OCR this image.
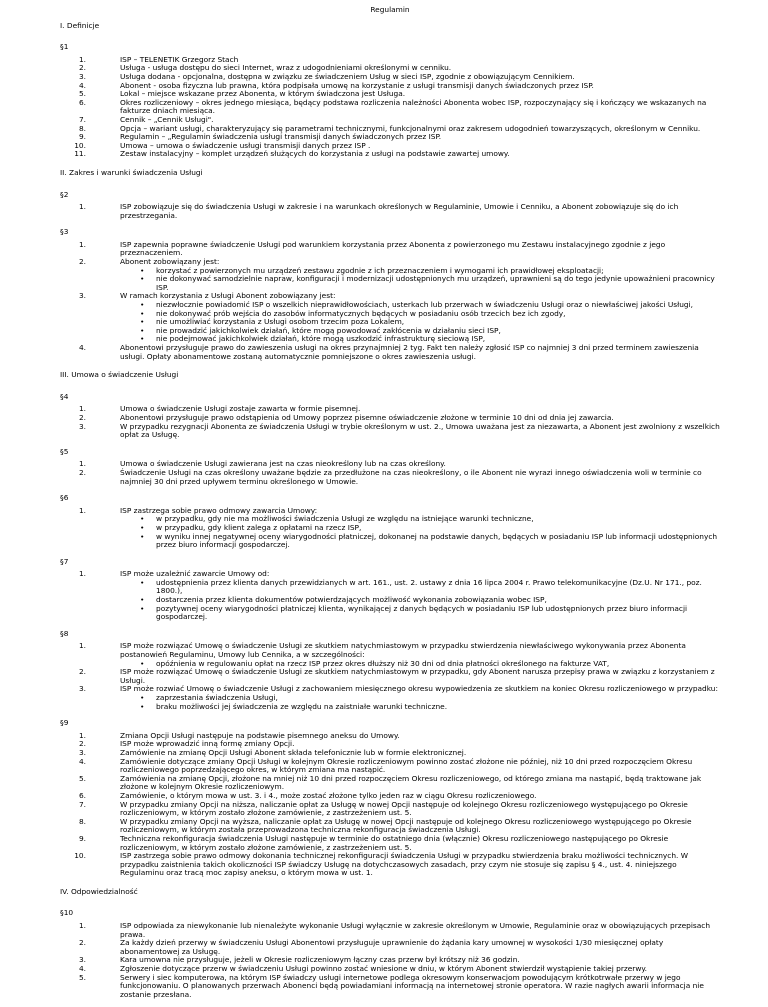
Regulamin
I. Definicje
§1
1.	ISP – TELENETIK Grzegorz Stach
2.	Usługa - usługa dostępu do sieci Internet, wraz z udogodnieniami określonymi w cenniku.
3.	Usługa dodana - opcjonalna, dostępna w związku ze świadczeniem Usług w sieci ISP, zgodnie z obowiązującym Cennikiem.
4.	Abonent - osoba fizyczna lub prawna, która podpisała umowę na korzystanie z usługi transmisji danych świadczonych przez ISP.
5.	Lokal – miejsce wskazane przez Abonenta, w którym świadczona jest Usługa.
6.	Okres rozliczeniowy – okres jednego miesiąca, będący podstawa rozliczenia należności Abonenta wobec ISP, rozpoczynający się i kończący we wskazanych na fakturze dniach miesiąca.
7.	Cennik – „Cennik Usługi".
8.	Opcja – wariant usługi, charakteryzujący się parametrami technicznymi, funkcjonalnymi oraz zakresem udogodnień towarzyszących, określonym w Cenniku.
9.	Regulamin – „Regulamin świadczenia usługi transmisji danych świadczonych przez ISP.
10.	Umowa – umowa o świadczenie usługi transmisji danych przez ISP .
11.	Zestaw instalacyjny – komplet urządzeń służących do korzystania z usługi na podstawie zawartej umowy.
II. Zakres i warunki świadczenia Usługi
§2
1.	ISP zobowiązuje się do świadczenia Usługi w zakresie i na warunkach określonych w Regulaminie, Umowie i Cenniku, a Abonent zobowiązuje się do ich przestrzegania.
§3
1.	ISP zapewnia poprawne świadczenie Usługi pod warunkiem korzystania przez Abonenta z powierzonego mu Zestawu instalacyjnego zgodnie z jego przeznaczeniem.
2.	Abonent zobowiązany jest:
•	korzystać z powierzonych mu urządzeń zestawu zgodnie z ich przeznaczeniem i wymogami ich prawidłowej eksploatacji;
•	nie dokonywać samodzielnie napraw, konfiguracji i modernizacji udostępnionych mu urządzeń, uprawnieni są do tego jedynie upoważnieni pracownicy ISP.
3.	W ramach korzystania z Usługi Abonent zobowiązany jest:
•	niezwłocznie powiadomić ISP o wszelkich nieprawidłowościach, usterkach lub przerwach w świadczeniu Usługi oraz o niewłaściwej jakości Usługi,
•	nie dokonywać prób wejścia do zasobów informatycznych będących w posiadaniu osób trzecich bez ich zgody,
•	nie umożliwiać korzystania z Usługi osobom trzecim poza Lokalem,
•	nie prowadzić jakichkolwiek działań, które mogą powodować zakłócenia w działaniu sieci ISP,
•	nie podejmować jakichkolwiek działań, które mogą uszkodzić infrastrukturę sieciową ISP,
4.	Abonentowi przysługuje prawo do zawieszenia usługi na okres przynajmniej 2 tyg. Fakt ten należy zgłosić ISP co najmniej 3 dni przed terminem zawieszenia usługi. Opłaty abonamentowe zostaną automatycznie pomniejszone o okres zawieszenia usługi.
III. Umowa o świadczenie Usługi
§4
1.	Umowa o świadczenie Usługi zostaje zawarta w formie pisemnej.
2.	Abonentowi przysługuje prawo odstąpienia od Umowy poprzez pisemne oświadczenie złożone w terminie 10 dni od dnia jej zawarcia.
3.	W przypadku rezygnacji Abonenta ze świadczenia Usługi w trybie określonym w ust. 2., Umowa uważana jest za niezawarta, a Abonent jest zwolniony z wszelkich opłat za Usługę.
§5
1.	Umowa o świadczenie Usługi zawierana jest na czas nieokreślony lub na czas określony.
2.	Świadczenie Usługi na czas określony uważane będzie za przedłużone na czas nieokreślony, o ile Abonent nie wyrazi innego oświadczenia woli w terminie co najmniej 30 dni przed upływem terminu określonego w Umowie.
§6
1.	ISP zastrzega sobie prawo odmowy zawarcia Umowy:
•	w przypadku, gdy nie ma możliwości świadczenia Usługi ze względu na istniejące warunki techniczne,
•	w przypadku, gdy klient zalega z opłatami na rzecz ISP,
•	w wyniku innej negatywnej oceny wiarygodności płatniczej, dokonanej na podstawie danych, będących w posiadaniu ISP lub informacji udostępnionych przez biuro informacji gospodarczej.
§7
1.	ISP może uzależnić zawarcie Umowy od:
•	udostępnienia przez klienta danych przewidzianych w art. 161., ust. 2. ustawy z dnia 16 lipca 2004 r. Prawo telekomunikacyjne (Dz.U. Nr 171., poz. 1800.),
•	dostarczenia przez klienta dokumentów potwierdzających możliwość wykonania zobowiązania wobec ISP,
•	pozytywnej oceny wiarygodności płatniczej klienta, wynikającej z danych będących w posiadaniu ISP lub udostępnionych przez biuro informacji gospodarczej.
§8
1.	ISP może rozwiązać Umowę o świadczenie Usługi ze skutkiem natychmiastowym w przypadku stwierdzenia niewłaściwego wykonywania przez Abonenta postanowień Regulaminu, Umowy lub Cennika, a w szczególności:
•	opóźnienia w regulowaniu opłat na rzecz ISP przez okres dłuższy niż 30 dni od dnia płatności określonego na fakturze VAT,
2.	ISP może rozwiązać Umowę o świadczenie Usługi ze skutkiem natychmiastowym w przypadku, gdy Abonent narusza przepisy prawa w związku z korzystaniem z Usługi.
3.	ISP może rozwiać Umowę o świadczenie Usługi z zachowaniem miesięcznego okresu wypowiedzenia ze skutkiem na koniec Okresu rozliczeniowego w przypadku:
•	zaprzestania świadczenia Usługi,
•	braku możliwości jej świadczenia ze względu na zaistniałe warunki techniczne.
§9
1.	Zmiana Opcji Usługi następuje na podstawie pisemnego aneksu do Umowy.
2.	ISP może wprowadzić inną formę zmiany Opcji.
3.	Zamówienie na zmianę Opcji Usługi Abonent składa telefonicznie lub w formie elektronicznej.
4.	Zamówienie dotyczące zmiany Opcji Usługi w kolejnym Okresie rozliczeniowym powinno zostać złożone nie później, niż 10 dni przed rozpoczęciem Okresu rozliczeniowego poprzedzającego okres, w którym zmiana ma nastąpić.
5.	Zamówienia na zmianę Opcji, złożone na mniej niż 10 dni przed rozpoczęciem Okresu rozliczeniowego, od którego zmiana ma nastąpić, będą traktowane jak złożone w kolejnym Okresie rozliczeniowym.
6.	Zamówienie, o którym mowa w ust. 3. i 4., może zostać złożone tylko jeden raz w ciągu Okresu rozliczeniowego.
7.	W przypadku zmiany Opcji na niższa, naliczanie opłat za Usługę w nowej Opcji następuje od kolejnego Okresu rozliczeniowego występującego po Okresie rozliczeniowym, w którym zostało złożone zamówienie, z zastrzeżeniem ust. 5.
8.	W przypadku zmiany Opcji na wyższa, naliczanie opłat za Usługę w nowej Opcji następuje od kolejnego Okresu rozliczeniowego występującego po Okresie rozliczeniowym, w którym została przeprowadzona techniczna rekonfiguracja świadczenia Usługi.
9.	Techniczna rekonfiguracja świadczenia Usługi następuje w terminie do ostatniego dnia (włącznie) Okresu rozliczeniowego następującego po Okresie rozliczeniowym, w którym zostało złożone zamówienie, z zastrzeżeniem ust. 5.
10.	ISP zastrzega sobie prawo odmowy dokonania technicznej rekonfiguracji świadczenia Usługi w przypadku stwierdzenia braku możliwości technicznych. W przypadku zaistnienia takich okoliczności ISP świadczy Usługę na dotychczasowych zasadach, przy czym nie stosuje się zapisu § 4., ust. 4. niniejszego Regulaminu oraz tracą moc zapisy aneksu, o którym mowa w ust. 1.
IV. Odpowiedzialność
§10
1.	ISP odpowiada za niewykonanie lub nienależyte wykonanie Usługi wyłącznie w zakresie określonym w Umowie, Regulaminie oraz w obowiązujących przepisach prawa.
2.	Za każdy dzień przerwy w świadczeniu Usługi Abonentowi przysługuje uprawnienie do żądania kary umownej w wysokości 1/30 miesięcznej opłaty abonamentowej za Usługę.
3.	Kara umowna nie przysługuje, jeżeli w Okresie rozliczeniowym łączny czas przerw był krótszy niż 36 godzin.
4.	Zgłoszenie dotyczące przerw w świadczeniu Usługi powinno zostać wniesione w dniu, w którym Abonent stwierdził wystąpienie takiej przerwy.
5.	Serwery i siec komputerowa, na którym ISP świadczy usługi internetowe podlega okresowym konserwacjom powodującym krótkotrwałe przerwy w jego funkcjonowaniu. O planowanych przerwach Abonenci będą powiadamiani informacją na internetowej stronie operatora. W razie nagłych awarii informacja nie zostanie przesłana.
